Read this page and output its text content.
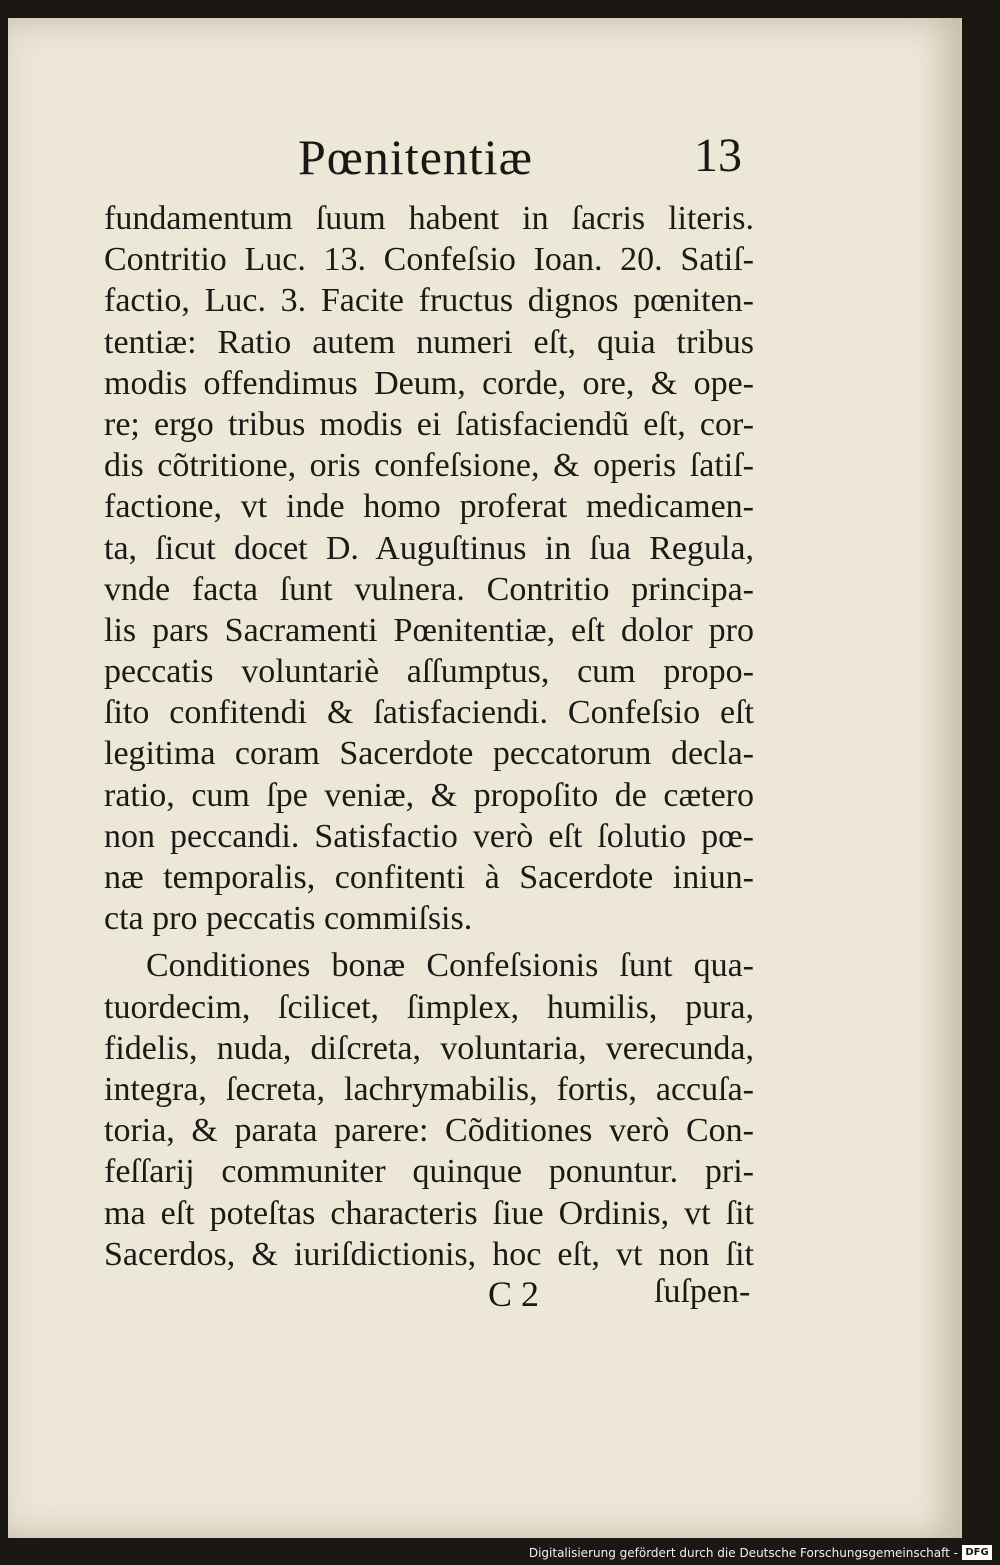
Pœnitentiæ	13
fundamentum ſuum habent in ſacris literis.
Contritio Luc. 13. Confeſsio Ioan. 20. Satiſ-
factio, Luc. 3. Facite fructus dignos pœniten-
tentiæ: Ratio autem numeri eſt, quia tribus
modis offendimus Deum, corde, ore, & ope-
re; ergo tribus modis ei ſatisfaciendũ eſt, cor-
dis cõtritione, oris confeſsione, & operis ſatiſ-
factione, vt inde homo proferat medicamen-
ta, ſicut docet D. Auguſtinus in ſua Regula,
vnde facta ſunt vulnera. Contritio principa-
lis pars Sacramenti Pœnitentiæ, eſt dolor pro
peccatis voluntariè aſſumptus, cum propo-
ſito confitendi & ſatisfaciendi. Confeſsio eſt
legitima coram Sacerdote peccatorum decla-
ratio, cum ſpe veniæ, & propoſito de cætero
non peccandi. Satisfactio verò eſt ſolutio pœ-
næ temporalis, confitenti à Sacerdote iniun-
cta pro peccatis commiſsis.
Conditiones bonæ Confeſsionis ſunt qua-
tuordecim, ſcilicet, ſimplex, humilis, pura,
fidelis, nuda, diſcreta, voluntaria, verecunda,
integra, ſecreta, lachrymabilis, fortis, accuſa-
toria, & parata parere: Cõditiones verò Con-
feſſarij communiter quinque ponuntur. pri-
ma eſt poteſtas characteris ſiue Ordinis, vt ſit
Sacerdos, & iuriſdictionis, hoc eſt, vt non ſit
C 2	ſuſpen-
Digitalisierung gefördert durch die Deutsche Forschungsgemeinschaft - DFG
